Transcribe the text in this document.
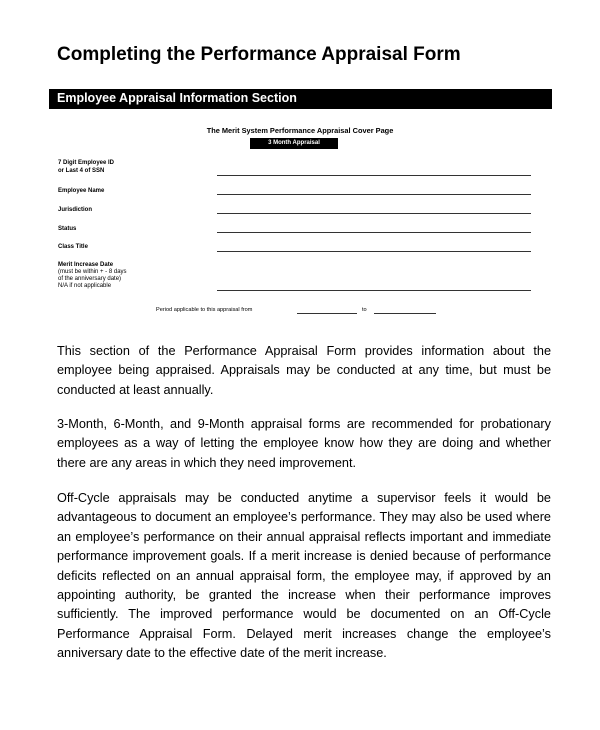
Completing the Performance Appraisal Form
Employee Appraisal Information Section
The Merit System Performance Appraisal Cover Page
3 Month Appraisal
7 Digit Employee ID
or Last 4 of SSN
Employee Name
Jurisdiction
Status
Class Title
Merit Increase Date
(must be within + - 8 days
of the anniversary date)
N/A if not applicable
Period applicable to this appraisal from	to

This section of the Performance Appraisal Form provides information about the employee being appraised. Appraisals may be conducted at any time, but must be conducted at least annually.

3-Month, 6-Month, and 9-Month appraisal forms are recommended for probationary employees as a way of letting the employee know how they are doing and whether there are any areas in which they need improvement.

Off-Cycle appraisals may be conducted anytime a supervisor feels it would be advantageous to document an employee’s performance. They may also be used where an employee’s performance on their annual appraisal reflects important and immediate performance improvement goals. If a merit increase is denied because of performance deficits reflected on an annual appraisal form, the employee may, if approved by an appointing authority, be granted the increase when their performance improves sufficiently. The improved performance would be documented on an Off-Cycle Performance Appraisal Form. Delayed merit increases change the employee’s anniversary date to the effective date of the merit increase.
